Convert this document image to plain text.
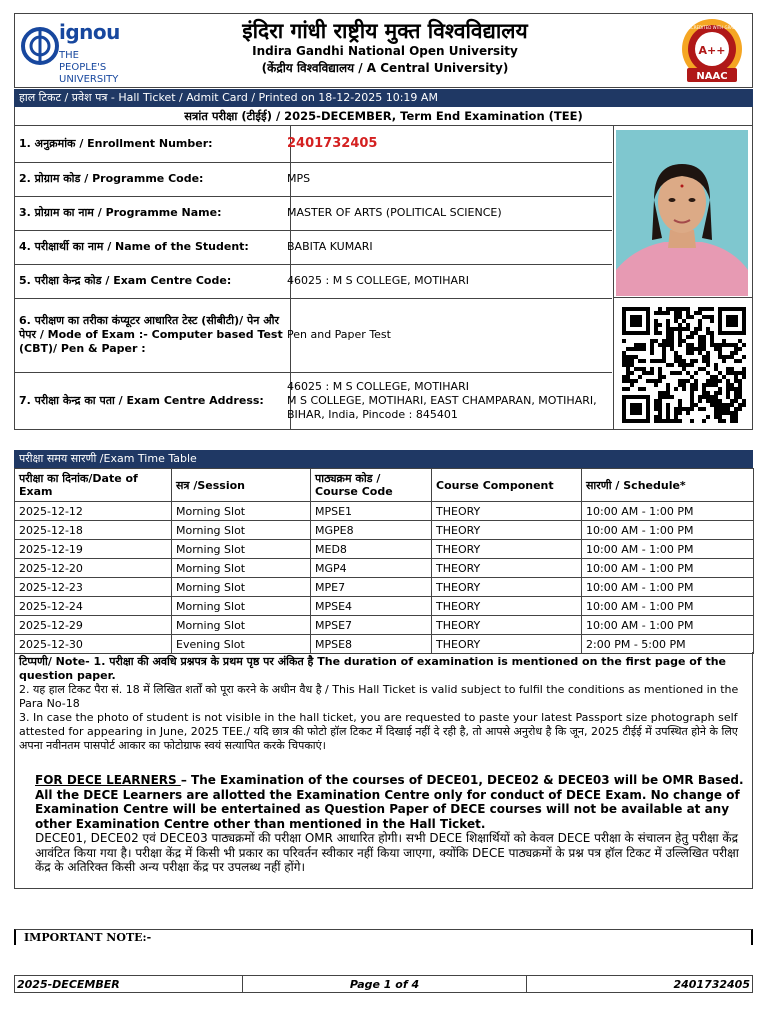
ignou
THE PEOPLE'S UNIVERSITY
इंदिरा गांधी राष्ट्रीय मुक्त विश्वविद्यालय
Indira Gandhi National Open University
(केंद्रीय विश्वविद्यालय / A Central University)
A++
NAAC
ACCREDITED WITH GRADE
हाल टिकट / प्रवेश पत्र - Hall Ticket / Admit Card / Printed on 18-12-2025 10:19 AM
सत्रांत परीक्षा (टीईई) / 2025-DECEMBER, Term End Examination (TEE)
1. अनुक्रमांक / Enrollment Number:	2401732405
2. प्रोग्राम कोड / Programme Code:	MPS
3. प्रोग्राम का नाम / Programme Name:	MASTER OF ARTS (POLITICAL SCIENCE)
4. परीक्षार्थी का नाम / Name of the Student:	BABITA KUMARI
5. परीक्षा केन्द्र कोड / Exam Centre Code:	46025 : M S COLLEGE, MOTIHARI
6. परीक्षण का तरीका कंप्यूटर आधारित टेस्ट (सीबीटी)/ पेन और पेपर / Mode of Exam :- Computer based Test (CBT)/ Pen & Paper :
Pen and Paper Test
7. परीक्षा केन्द्र का पता / Exam Centre Address:
46025 : M S COLLEGE, MOTIHARI
M S COLLEGE, MOTIHARI, EAST CHAMPARAN, MOTIHARI,
BIHAR, India, Pincode : 845401
परीक्षा समय सारणी /Exam Time Table
परीक्षा का दिनांक/Date of Exam	सत्र /Session	पाठ्यक्रम कोड / Course Code	Course Component	सारणी / Schedule*
2025-12-12	Morning Slot	MPSE1	THEORY	10:00 AM - 1:00 PM
2025-12-18	Morning Slot	MGPE8	THEORY	10:00 AM - 1:00 PM
2025-12-19	Morning Slot	MED8	THEORY	10:00 AM - 1:00 PM
2025-12-20	Morning Slot	MGP4	THEORY	10:00 AM - 1:00 PM
2025-12-23	Morning Slot	MPE7	THEORY	10:00 AM - 1:00 PM
2025-12-24	Morning Slot	MPSE4	THEORY	10:00 AM - 1:00 PM
2025-12-29	Morning Slot	MPSE7	THEORY	10:00 AM - 1:00 PM
2025-12-30	Evening Slot	MPSE8	THEORY	2:00 PM - 5:00 PM

टिप्पणी/ Note- 1. परीक्षा की अवधि प्रश्नपत्र के प्रथम पृष्ठ पर अंकित है The duration of examination is mentioned on the first page of the question paper.

2. यह हाल टिकट पैरा सं. 18 में लिखित शर्तों को पूरा करने के अधीन वैध है / This Hall Ticket is valid subject to fulfil the conditions as mentioned in the Para No-18

3. In case the photo of student is not visible in the hall ticket, you are requested to paste your latest Passport size photograph self attested for appearing in June, 2025 TEE./ यदि छात्र की फोटो हॉल टिकट में दिखाई नहीं दे रही है, तो आपसे अनुरोध है कि जून, 2025 टीईई में उपस्थित होने के लिए अपना नवीनतम पासपोर्ट आकार का फोटोग्राफ स्वयं सत्यापित करके चिपकाएं।

FOR DECE LEARNERS – The Examination of the courses of DECE01, DECE02 & DECE03 will be OMR Based. All the DECE Learners are allotted the Examination Centre only for conduct of DECE Exam. No change of Examination Centre will be entertained as Question Paper of DECE courses will not be available at any other Examination Centre other than mentioned in the Hall Ticket.
DECE01, DECE02 एवं DECE03 पाठ्यक्रमों की परीक्षा OMR आधारित होगी। सभी DECE शिक्षार्थियों को केवल DECE परीक्षा के संचालन हेतु परीक्षा केंद्र आवंटित किया गया है। परीक्षा केंद्र में किसी भी प्रकार का परिवर्तन स्वीकार नहीं किया जाएगा, क्योंकि DECE पाठ्यक्रमों के प्रश्न पत्र हॉल टिकट में उल्लिखित परीक्षा केंद्र के अतिरिक्त किसी अन्य परीक्षा केंद्र पर उपलब्ध नहीं होंगे।

IMPORTANT NOTE:-
2025-DECEMBER	Page 1 of 4	2401732405
